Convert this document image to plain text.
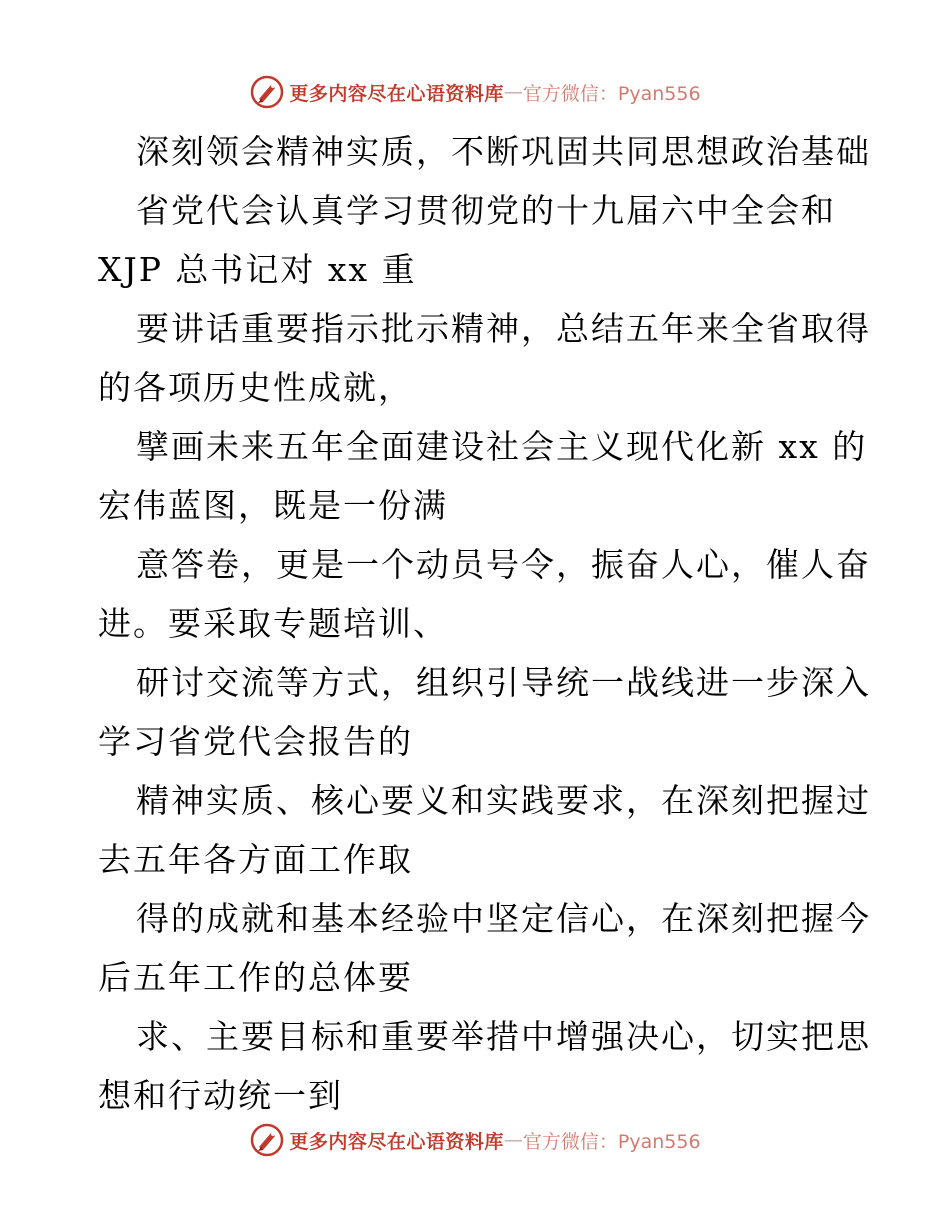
更多内容尽在心语资料库 — 官方微信：Pyan556
深刻领会精神实质，不断巩固共同思想政治基础
省党代会认真学习贯彻党的十九届六中全会和
XJP 总书记对 xx 重
要讲话重要指示批示精神，总结五年来全省取得
的各项历史性成就，
擘画未来五年全面建设社会主义现代化新 xx 的
宏伟蓝图，既是一份满
意答卷，更是一个动员号令，振奋人心，催人奋
进。要采取专题培训、
研讨交流等方式，组织引导统一战线进一步深入
学习省党代会报告的
精神实质、核心要义和实践要求，在深刻把握过
去五年各方面工作取
得的成就和基本经验中坚定信心，在深刻把握今
后五年工作的总体要
求、主要目标和重要举措中增强决心，切实把思
想和行动统一到
更多内容尽在心语资料库 — 官方微信：Pyan556
